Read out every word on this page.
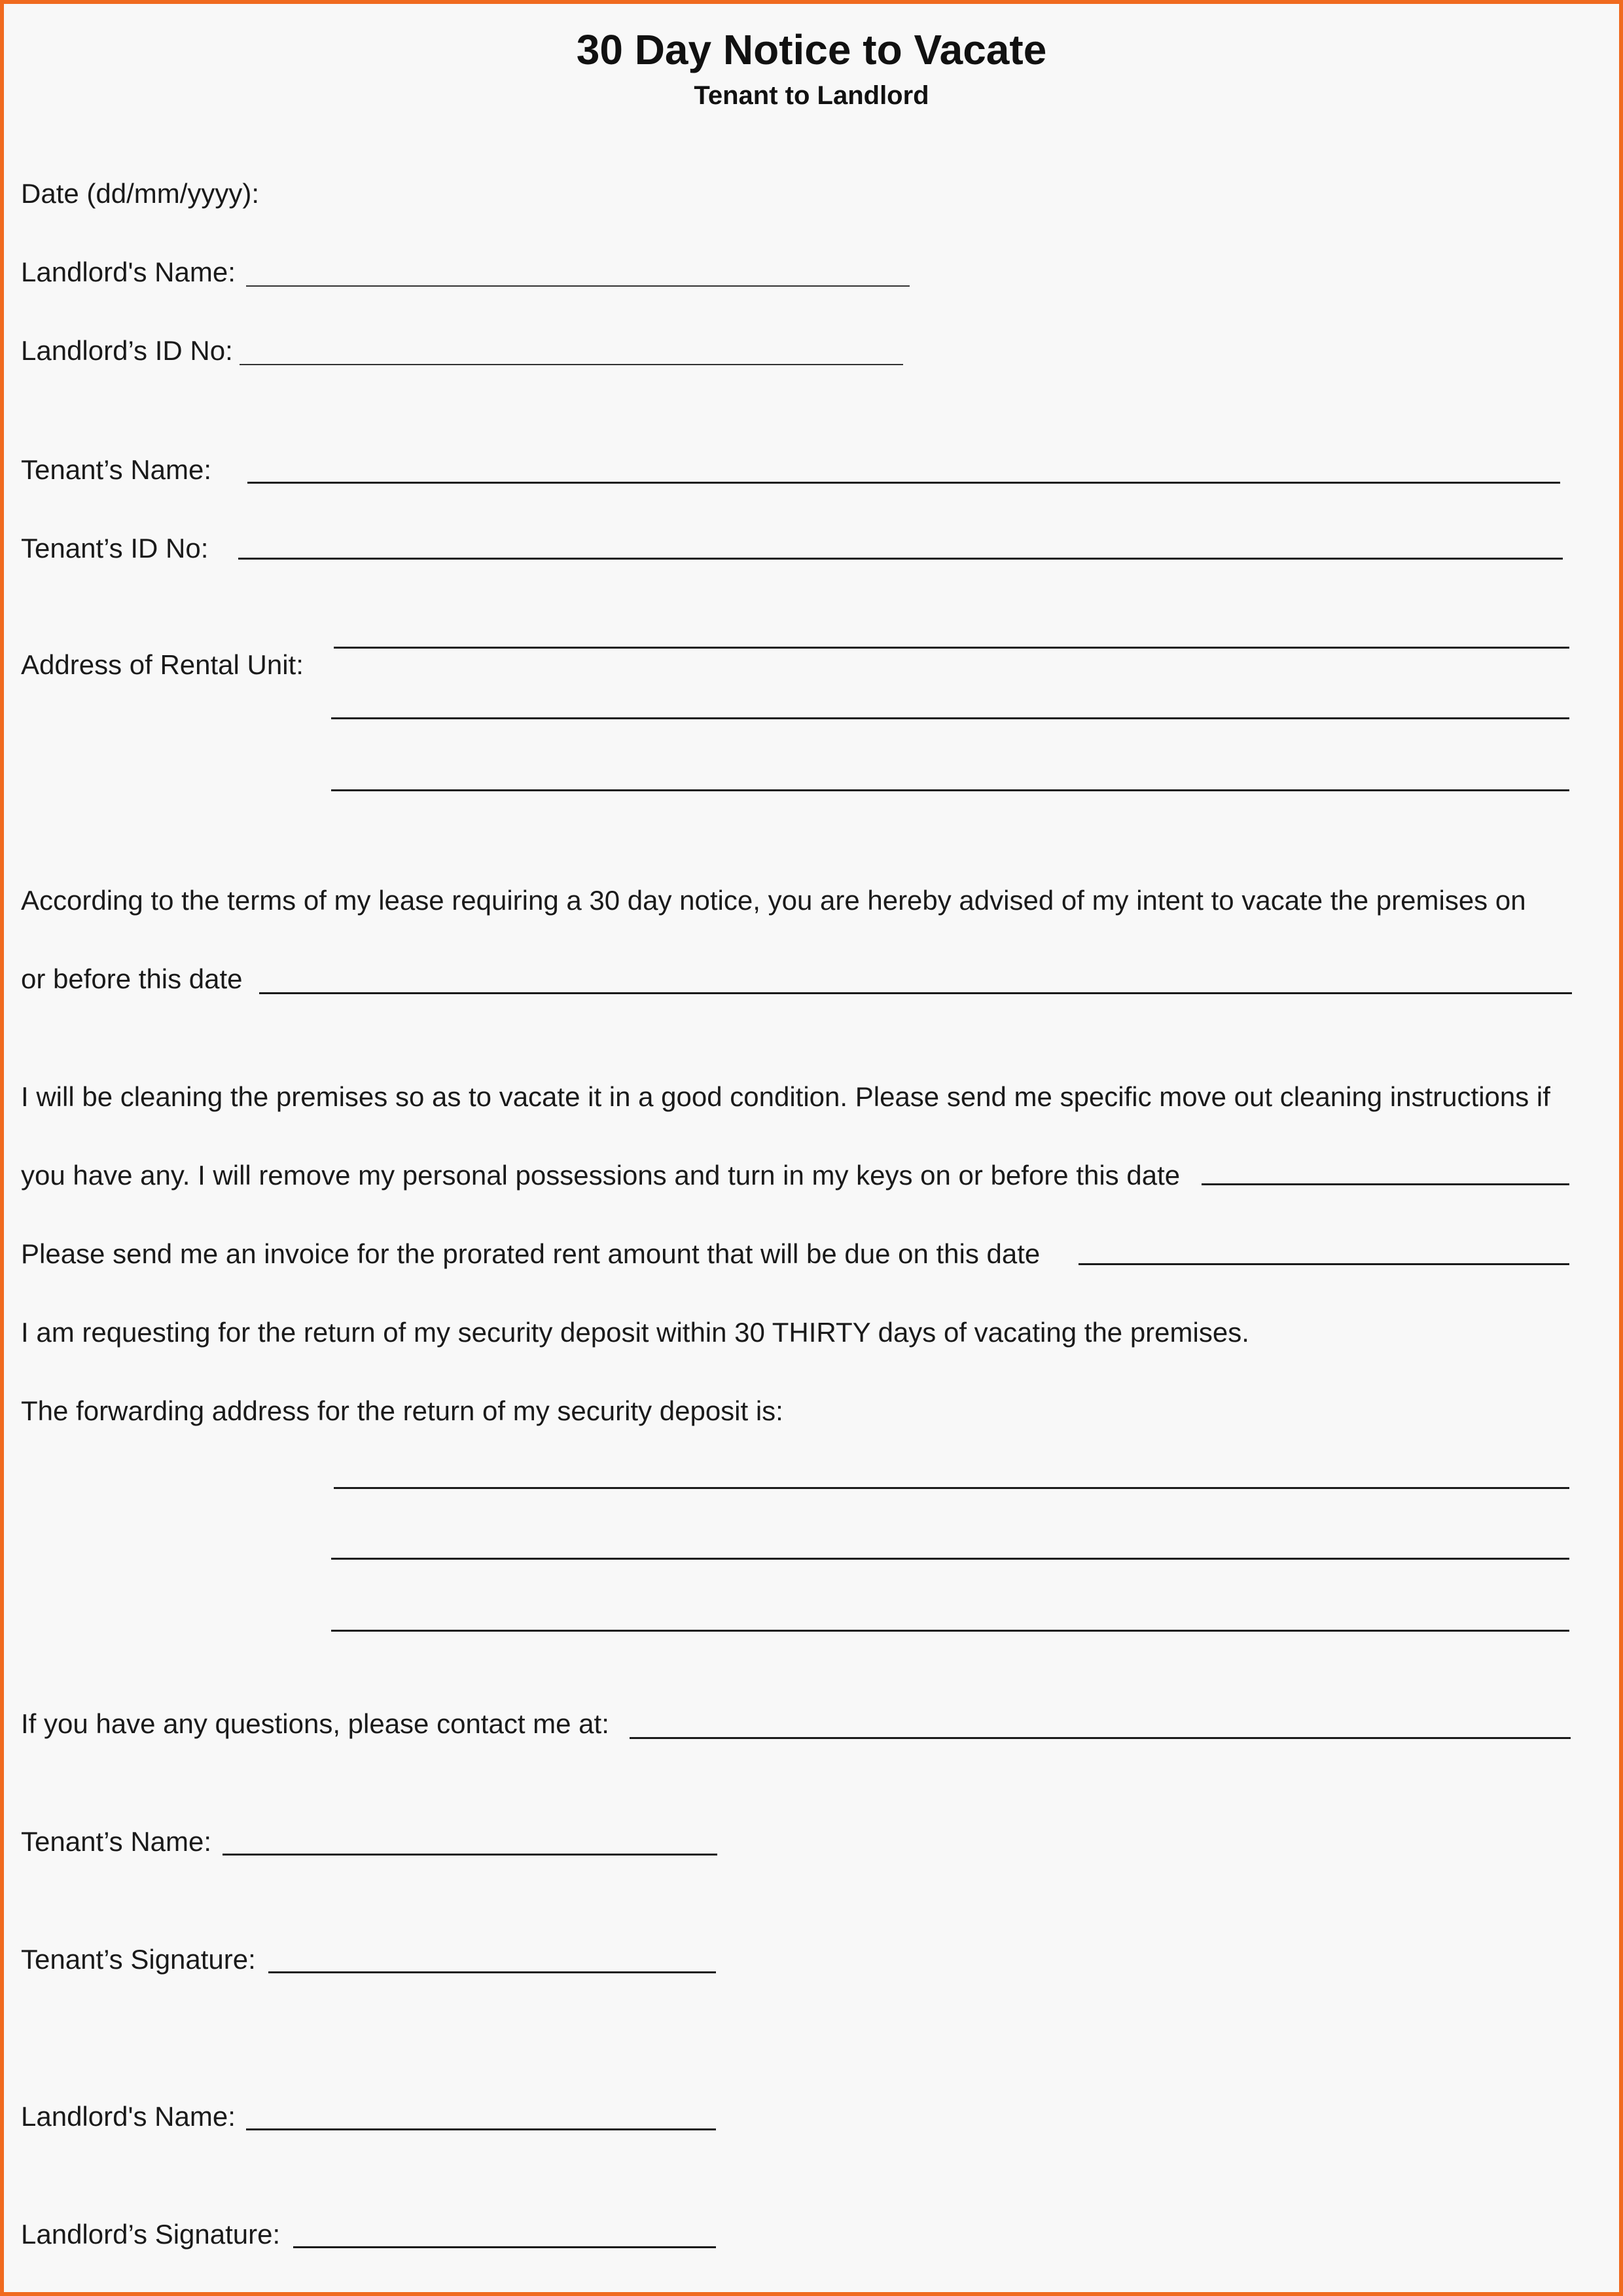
30 Day Notice to Vacate
Tenant to Landlord
Date (dd/mm/yyyy):
Landlord's Name:
Landlord’s ID No:
Tenant’s Name:
Tenant’s ID No:
Address of Rental Unit:
According to the terms of my lease requiring a 30 day notice, you are hereby advised of my intent to vacate the premises on
or before this date
I will be cleaning the premises so as to vacate it in a good condition. Please send me specific move out cleaning instructions if
you have any. I will remove my personal possessions and turn in my keys on or before this date
Please send me an invoice for the prorated rent amount that will be due on this date
I am requesting for the return of my security deposit within 30 THIRTY days of vacating the premises.
The forwarding address for the return of my security deposit is:
If you have any questions, please contact me at:
Tenant’s Name:
Tenant’s Signature:
Landlord's Name:
Landlord’s Signature:
